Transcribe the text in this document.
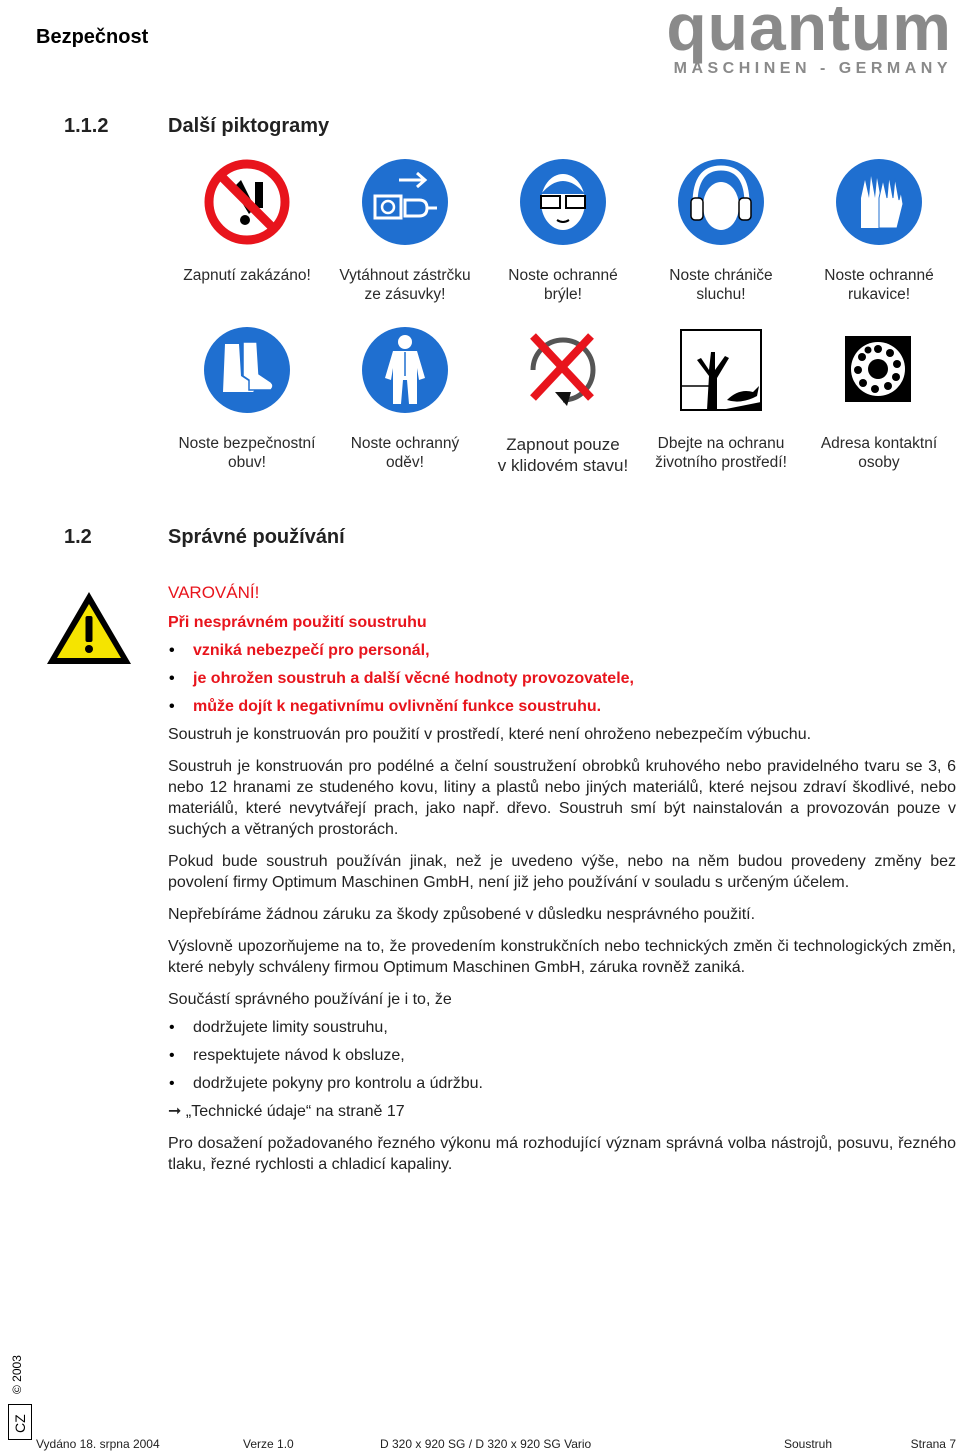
Bezpečnost	quantum
MASCHINEN - GERMANY
1.1.2	Další piktogramy
Zapnutí zakázáno! Vytáhnout zástrčku
ze zásuvky!
Noste ochranné
brýle!
Noste chrániče
sluchu!
Noste ochranné
rukavice!
Noste bezpečnostní
obuv!
Noste ochranný
oděv!
Zapnout pouze
v klidovém stavu!
Dbejte na ochranu
životního prostředí!
Adresa kontaktní
osoby
1.2	Správné používání
VAROVÁNÍ!
Při nesprávném použití soustruhu
• vzniká nebezpečí pro personál,
• je ohrožen soustruh a další věcné hodnoty provozovatele,
• může dojít k negativnímu ovlivnění funkce soustruhu.

Soustruh je konstruován pro použití v prostředí, které není ohroženo nebezpečím výbuchu.

Soustruh je konstruován pro podélné a čelní soustružení obrobků kruhového nebo pravidelného tvaru se 3, 6 nebo 12 hranami ze studeného kovu, litiny a plastů nebo jiných materiálů, které nejsou zdraví škodlivé, nebo materiálů, které nevytvářejí prach, jako např. dřevo. Soustruh smí být nainstalován a provozován pouze v suchých a větraných prostorách.

Pokud bude soustruh používán jinak, než je uvedeno výše, nebo na něm budou provedeny změny bez povolení firmy Optimum Maschinen GmbH, není již jeho používání v souladu s určeným účelem.

Nepřebíráme žádnou záruku za škody způsobené v důsledku nesprávného použití.

Výslovně upozorňujeme na to, že provedením konstrukčních nebo technických změn či technologických změn, které nebyly schváleny firmou Optimum Maschinen GmbH, záruka rovněž zaniká.

Součástí správného používání je i to, že

• dodržujete limity soustruhu,
• respektujete návod k obsluze,
• dodržujete pokyny pro kontrolu a údržbu.

➞ „Technické údaje“ na straně 17

Pro dosažení požadovaného řezného výkonu má rozhodující význam správná volba nástrojů, posuvu, řezného tlaku, řezné rychlosti a chladicí kapaliny.

© 2003
CZ
Vydáno 18. srpna 2004	Verze 1.0	D 320 x 920 SG / D 320 x 920 SG Vario	Soustruh	Strana 7
